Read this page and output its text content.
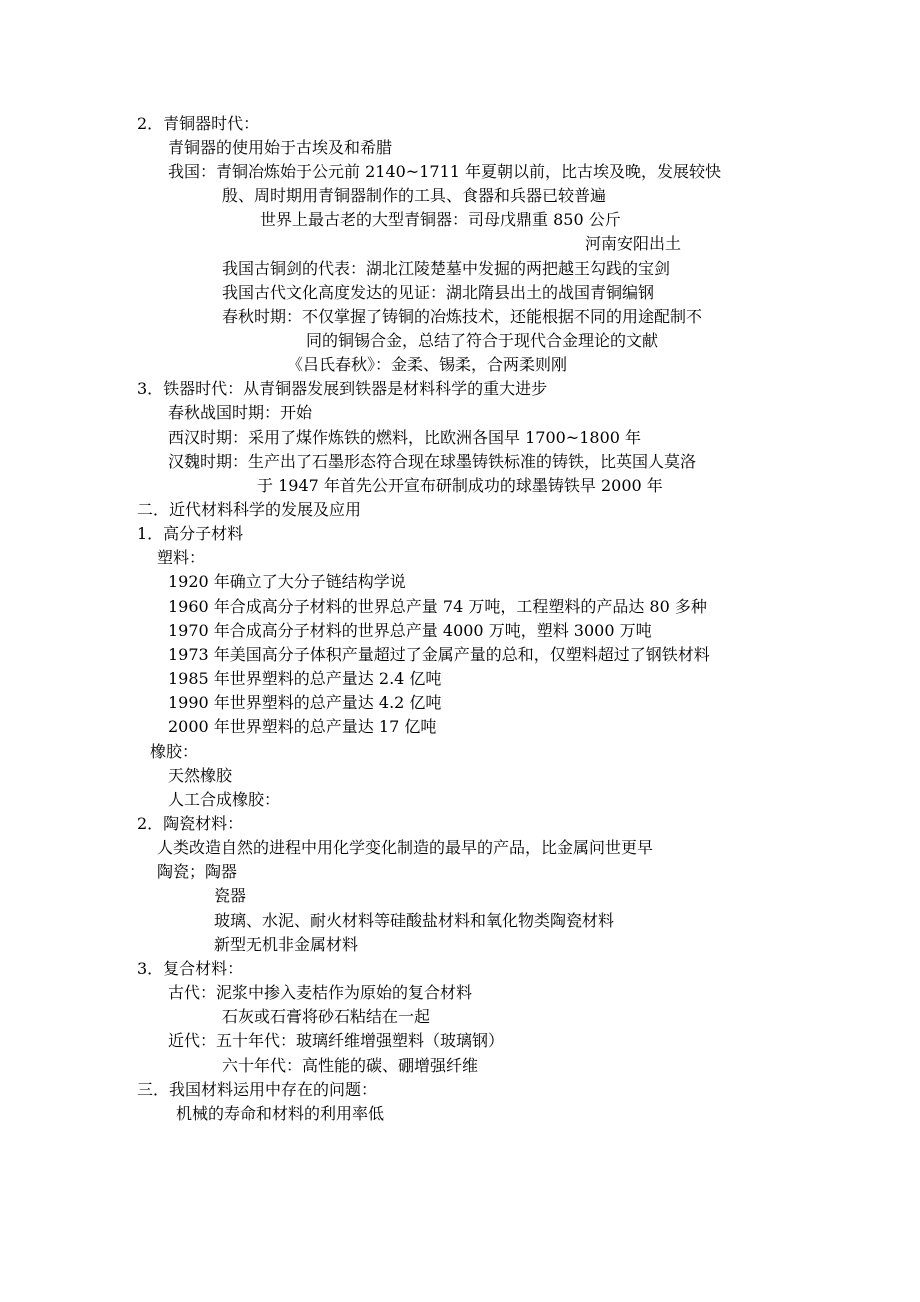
2．青铜器时代：
青铜器的使用始于古埃及和希腊
我国：青铜冶炼始于公元前 2140~1711 年夏朝以前，比古埃及晚，发展较快
殷、周时期用青铜器制作的工具、食器和兵器已较普遍
世界上最古老的大型青铜器：司母戊鼎重 850 公斤
河南安阳出土
我国古铜剑的代表：湖北江陵楚墓中发掘的两把越王勾践的宝剑
我国古代文化高度发达的见证：湖北隋县出土的战国青铜编钢
春秋时期：不仅掌握了铸铜的冶炼技术，还能根据不同的用途配制不
同的铜锡合金，总结了符合于现代合金理论的文献
《吕氏春秋》：金柔、锡柔，合两柔则刚
3．铁器时代：从青铜器发展到铁器是材料科学的重大进步
春秋战国时期：开始
西汉时期：采用了煤作炼铁的燃料，比欧洲各国早 1700~1800 年
汉魏时期：生产出了石墨形态符合现在球墨铸铁标准的铸铁，比英国人莫洛
于 1947 年首先公开宣布研制成功的球墨铸铁早 2000 年
二．近代材料科学的发展及应用
1．高分子材料
塑料：
1920 年确立了大分子链结构学说
1960 年合成高分子材料的世界总产量 74 万吨，工程塑料的产品达 80 多种
1970 年合成高分子材料的世界总产量 4000 万吨，塑料 3000 万吨
1973 年美国高分子体积产量超过了金属产量的总和，仅塑料超过了钢铁材料
1985 年世界塑料的总产量达 2.4 亿吨
1990 年世界塑料的总产量达 4.2 亿吨
2000 年世界塑料的总产量达 17 亿吨
橡胶：
天然橡胶
人工合成橡胶：
2．陶瓷材料：
人类改造自然的进程中用化学变化制造的最早的产品，比金属问世更早
陶瓷；陶器
瓷器
玻璃、水泥、耐火材料等硅酸盐材料和氧化物类陶瓷材料
新型无机非金属材料
3．复合材料：
古代：泥浆中掺入麦桔作为原始的复合材料
石灰或石膏将砂石粘结在一起
近代：五十年代：玻璃纤维增强塑料（玻璃钢）
六十年代：高性能的碳、硼增强纤维
三．我国材料运用中存在的问题：
机械的寿命和材料的利用率低
